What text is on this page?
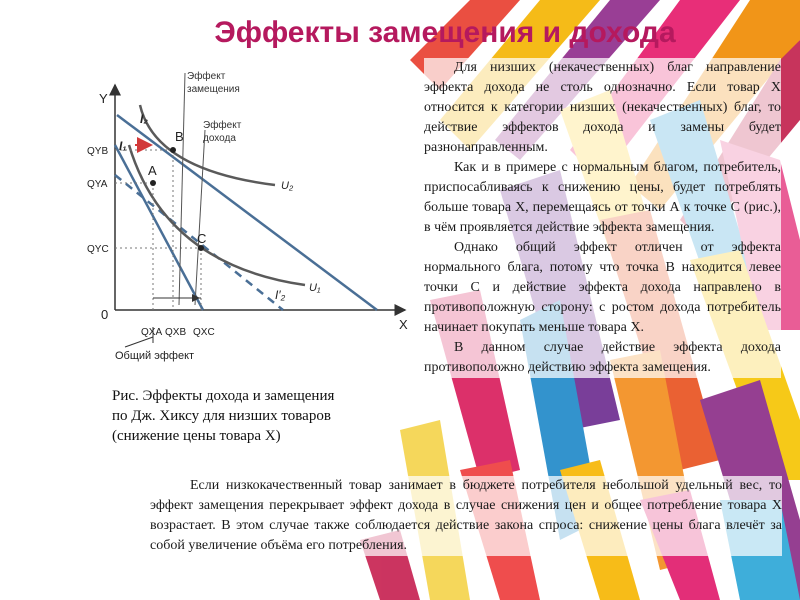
Эффекты замещения и дохода
Y
X
0
A
B
C
I₂
I₁
I′₂
U₂
U₁
Эффект
замещения
Эффект
дохода
QYB
QYA
QYC
QXA QXB QXC
Общий эффект
Рис. Эффекты дохода и замещения
по Дж. Хиксу для низших товаров
(снижение цены товара Х)

Для низших (некачественных) благ направление эффекта дохода не столь однозначно. Если товар Х относится к категории низших (некачественных) благ, то действие эффектов дохода и замены будет разнонаправленным.

Как и в примере с нормальным благом, потребитель, приспосабливаясь к снижению цены, будет потреблять больше товара Х, перемещаясь от точки А к точке С (рис.), в чём проявляется действие эффекта замещения.

Однако общий эффект отличен от эффекта нормального блага, потому что точка В находится левее точки С и действие эффекта дохода направлено в противоположную сторону: с ростом дохода потребитель начинает покупать меньше товара Х.

В данном случае действие эффекта дохода противоположно действию эффекта замещения.

Если низкокачественный товар занимает в бюджете потребителя небольшой удельный вес, то эффект замещения перекрывает эффект дохода в случае снижения цен и общее потребление товара Х возрастает. В этом случае также соблюдается действие закона спроса: снижение цены блага влечёт за собой увеличение объёма его потребления.
